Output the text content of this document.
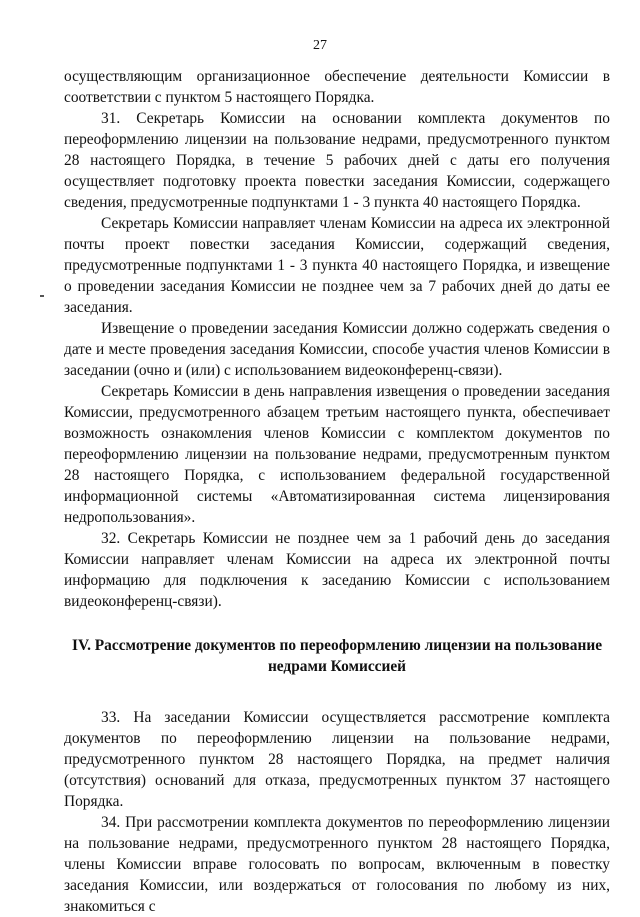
27

осуществляющим организационное обеспечение деятельности Комиссии в соответствии с пунктом 5 настоящего Порядка.

31. Секретарь Комиссии на основании комплекта документов по переоформлению лицензии на пользование недрами, предусмотренного пунктом 28 настоящего Порядка, в течение 5 рабочих дней с даты его получения осуществляет подготовку проекта повестки заседания Комиссии, содержащего сведения, предусмотренные подпунктами 1 - 3 пункта 40 настоящего Порядка.

Секретарь Комиссии направляет членам Комиссии на адреса их электронной почты проект повестки заседания Комиссии, содержащий сведения, предусмотренные подпунктами 1 - 3 пункта 40 настоящего Порядка, и извещение о проведении заседания Комиссии не позднее чем за 7 рабочих дней до даты ее заседания.

Извещение о проведении заседания Комиссии должно содержать сведения о дате и месте проведения заседания Комиссии, способе участия членов Комиссии в заседании (очно и (или) с использованием видеоконференц-связи).

Секретарь Комиссии в день направления извещения о проведении заседания Комиссии, предусмотренного абзацем третьим настоящего пункта, обеспечивает возможность ознакомления членов Комиссии с комплектом документов по переоформлению лицензии на пользование недрами, предусмотренным пунктом 28 настоящего Порядка, с использованием федеральной государственной информационной системы «Автоматизированная система лицензирования недропользования».

32. Секретарь Комиссии не позднее чем за 1 рабочий день до заседания Комиссии направляет членам Комиссии на адреса их электронной почты информацию для подключения к заседанию Комиссии с использованием видеоконференц-связи).

IV. Рассмотрение документов по переоформлению лицензии на пользование
недрами Комиссией

33. На заседании Комиссии осуществляется рассмотрение комплекта документов по переоформлению лицензии на пользование недрами, предусмотренного пунктом 28 настоящего Порядка, на предмет наличия (отсутствия) оснований для отказа, предусмотренных пунктом 37 настоящего Порядка.

34. При рассмотрении комплекта документов по переоформлению лицензии на пользование недрами, предусмотренного пунктом 28 настоящего Порядка, члены Комиссии вправе голосовать по вопросам, включенным в повестку заседания Комиссии, или воздержаться от голосования по любому из них, знакомиться с
